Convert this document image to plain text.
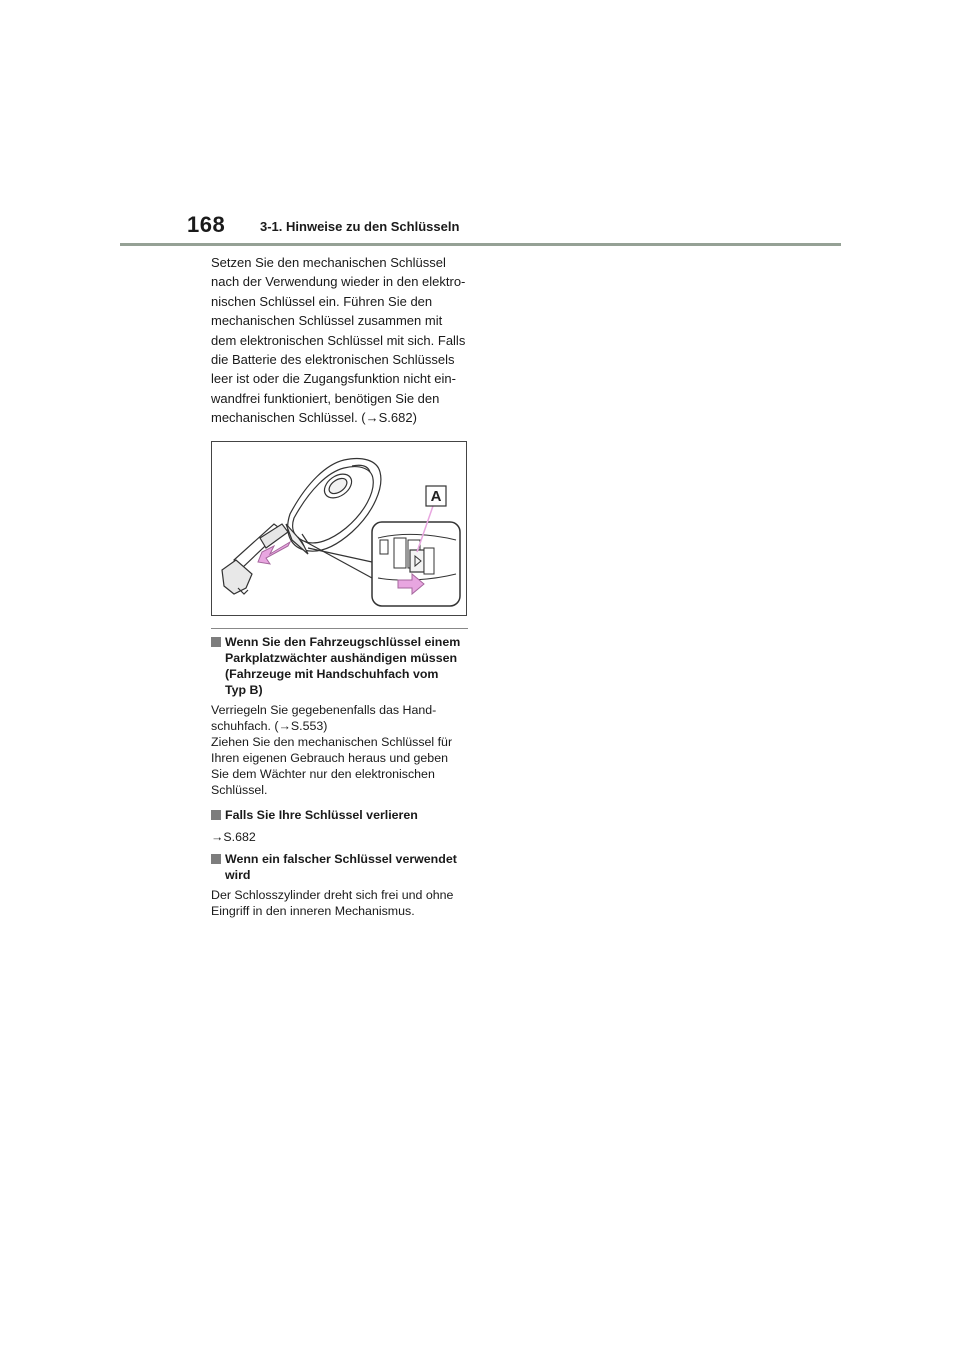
168	3-1. Hinweise zu den Schlüsseln
Setzen Sie den mechanischen Schlüssel
nach der Verwendung wieder in den elektro-
nischen Schlüssel ein. Führen Sie den
mechanischen Schlüssel zusammen mit
dem elektronischen Schlüssel mit sich. Falls
die Batterie des elektronischen Schlüssels
leer ist oder die Zugangsfunktion nicht ein-
wandfrei funktioniert, benötigen Sie den
mechanischen Schlüssel. (→S.682)
A
Wenn Sie den Fahrzeugschlüssel einem
Parkplatzwächter aushändigen müssen
(Fahrzeuge mit Handschuhfach vom
Typ B)
Verriegeln Sie gegebenenfalls das Hand-
schuhfach. (→S.553)
Ziehen Sie den mechanischen Schlüssel für
Ihren eigenen Gebrauch heraus und geben
Sie dem Wächter nur den elektronischen
Schlüssel.
Falls Sie Ihre Schlüssel verlieren
→S.682
Wenn ein falscher Schlüssel verwendet
wird
Der Schlosszylinder dreht sich frei und ohne
Eingriff in den inneren Mechanismus.
